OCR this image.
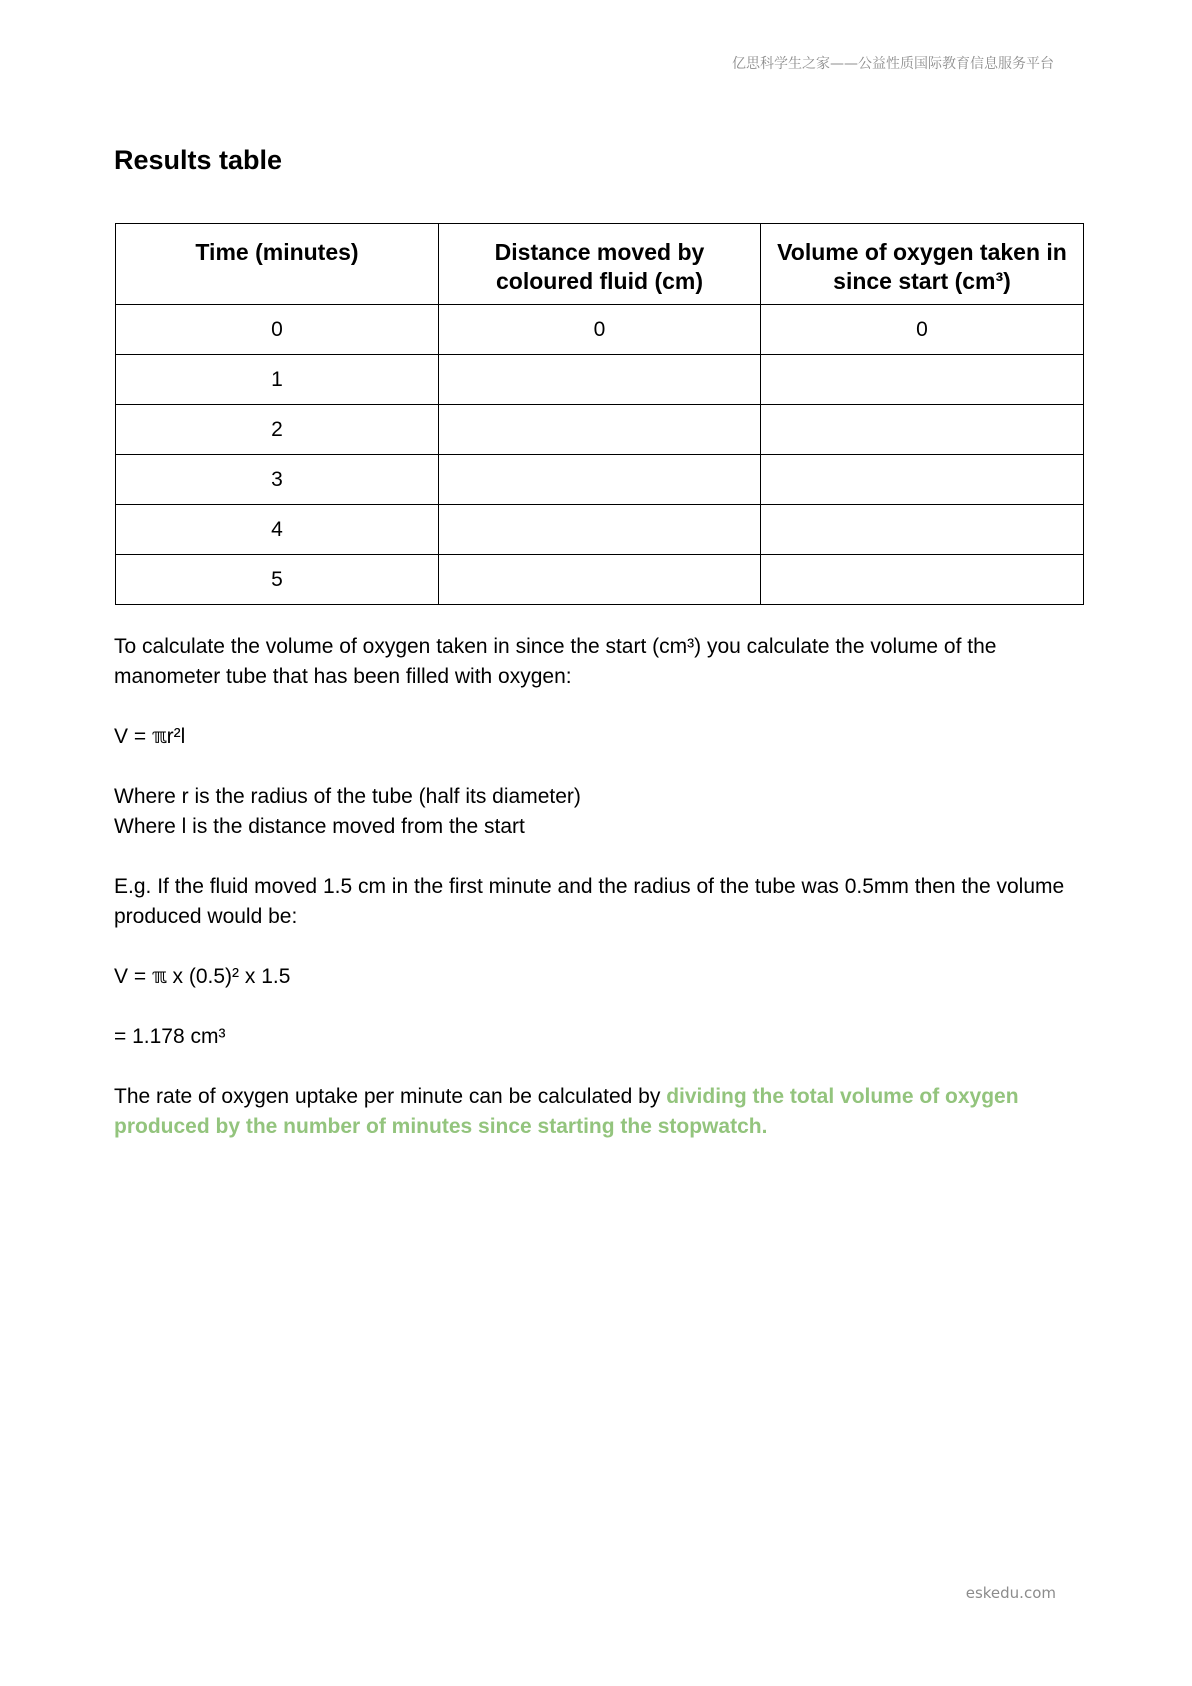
亿思科学生之家——公益性质国际教育信息服务平台
Results table
Time (minutes)	Distance moved by coloured fluid (cm)	Volume of oxygen taken in since start (cm³)
0	0	0
1		
2		
3		
4		
5		

To calculate the volume of oxygen taken in since the start (cm³) you calculate the volume of the manometer tube that has been filled with oxygen:

V = ℼr²l

Where r is the radius of the tube (half its diameter)

Where l is the distance moved from the start

E.g. If the fluid moved 1.5 cm in the first minute and the radius of the tube was 0.5mm then the volume produced would be:

V = ℼ x (0.5)² x 1.5

= 1.178 cm³

The rate of oxygen uptake per minute can be calculated by dividing the total volume of oxygen produced by the number of minutes since starting the stopwatch.

eskedu.com
